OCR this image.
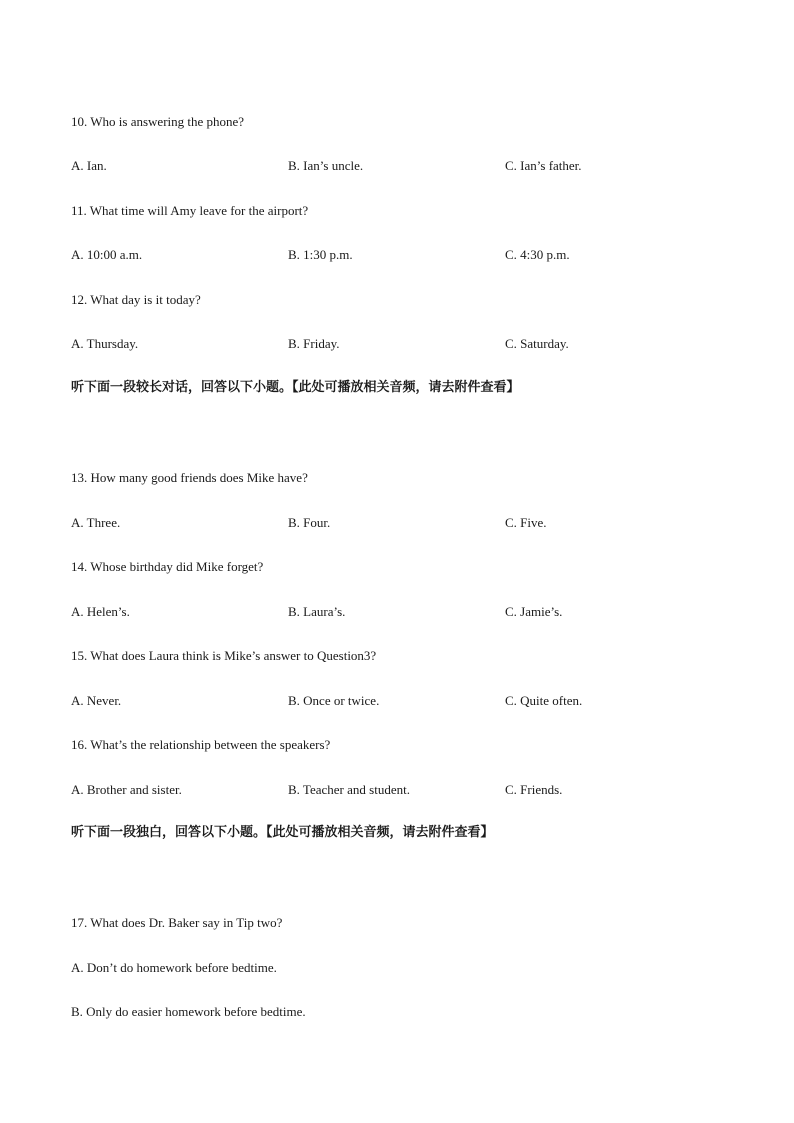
10. Who is answering the phone?
A. Ian.	B. Ian’s uncle.	C. Ian’s father.
11. What time will Amy leave for the airport?
A. 10:00 a.m.	B. 1:30 p.m.	C. 4:30 p.m.
12. What day is it today?
A. Thursday.	B. Friday.	C. Saturday.
听下面一段较长对话，回答以下小题。【此处可播放相关音频，请去附件查看】
13. How many good friends does Mike have?
A. Three.	B. Four.	C. Five.
14. Whose birthday did Mike forget?
A. Helen’s.	B. Laura’s.	C. Jamie’s.
15. What does Laura think is Mike’s answer to Question3?
A. Never.	B. Once or twice.	C. Quite often.
16. What’s the relationship between the speakers?
A. Brother and sister.	B. Teacher and student.	C. Friends.
听下面一段独白，回答以下小题。【此处可播放相关音频，请去附件查看】
17. What does Dr. Baker say in Tip two?
A. Don’t do homework before bedtime.
B. Only do easier homework before bedtime.
